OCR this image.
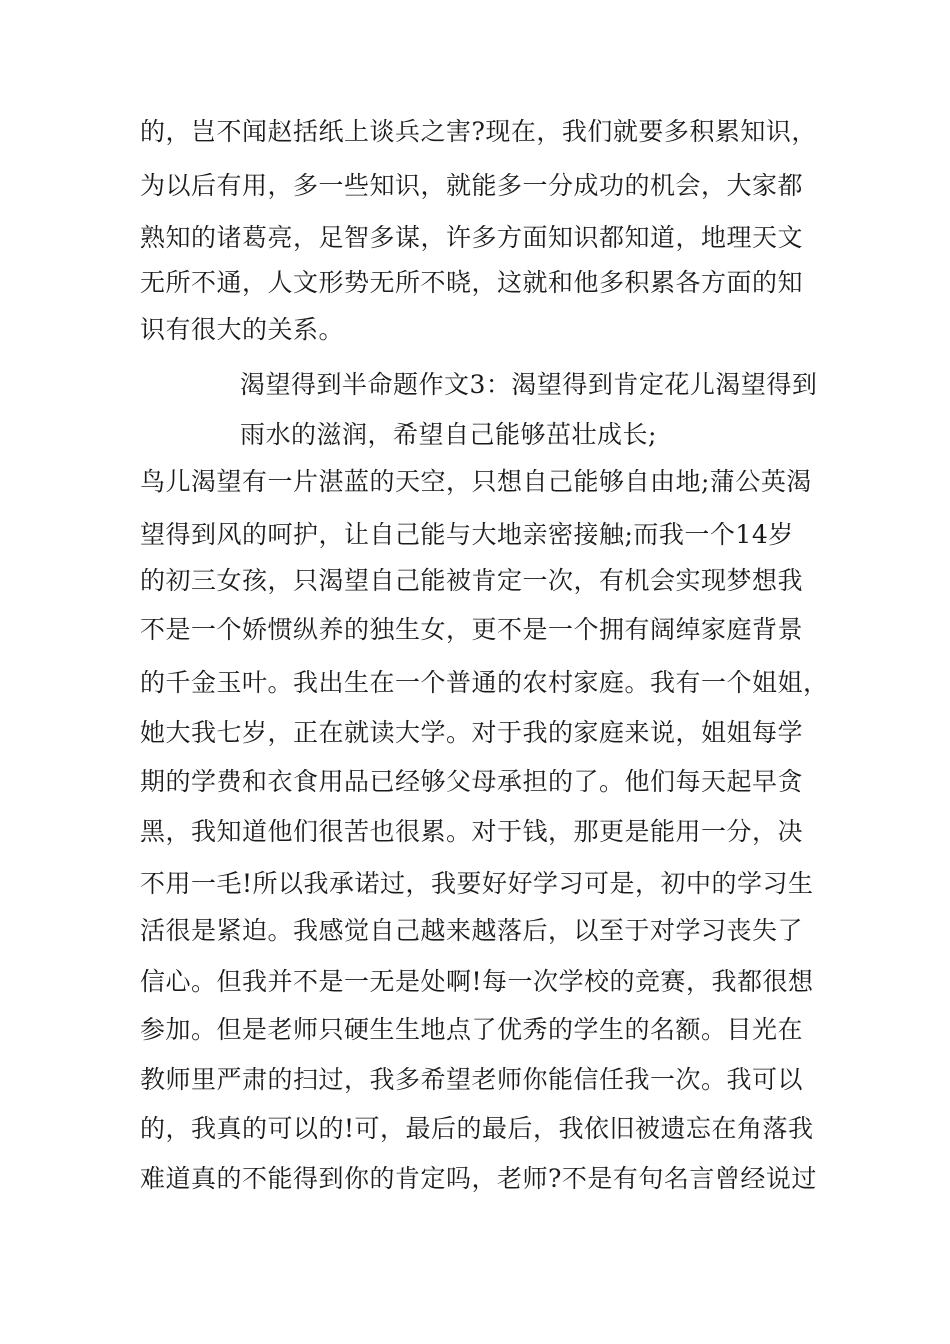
的，岂不闻赵括纸上谈兵之害?现在，我们就要多积累知识，
为以后有用，多一些知识，就能多一分成功的机会，大家都
熟知的诸葛亮，足智多谋，许多方面知识都知道，地理天文
无所不通，人文形势无所不晓，这就和他多积累各方面的知
识有很大的关系。
渴望得到半命题作文3：渴望得到肯定花儿渴望得到
雨水的滋润，希望自己能够茁壮成长;
鸟儿渴望有一片湛蓝的天空，只想自己能够自由地;蒲公英渴
望得到风的呵护，让自己能与大地亲密接触;而我一个14岁
的初三女孩，只渴望自己能被肯定一次，有机会实现梦想我
不是一个娇惯纵养的独生女，更不是一个拥有阔绰家庭背景
的千金玉叶。我出生在一个普通的农村家庭。我有一个姐姐，
她大我七岁，正在就读大学。对于我的家庭来说，姐姐每学
期的学费和衣食用品已经够父母承担的了。他们每天起早贪
黑，我知道他们很苦也很累。对于钱，那更是能用一分，决
不用一毛!所以我承诺过，我要好好学习可是，初中的学习生
活很是紧迫。我感觉自己越来越落后，以至于对学习丧失了
信心。但我并不是一无是处啊!每一次学校的竞赛，我都很想
参加。但是老师只硬生生地点了优秀的学生的名额。目光在
教师里严肃的扫过，我多希望老师你能信任我一次。我可以
的，我真的可以的!可，最后的最后，我依旧被遗忘在角落我
难道真的不能得到你的肯定吗，老师?不是有句名言曾经说过
